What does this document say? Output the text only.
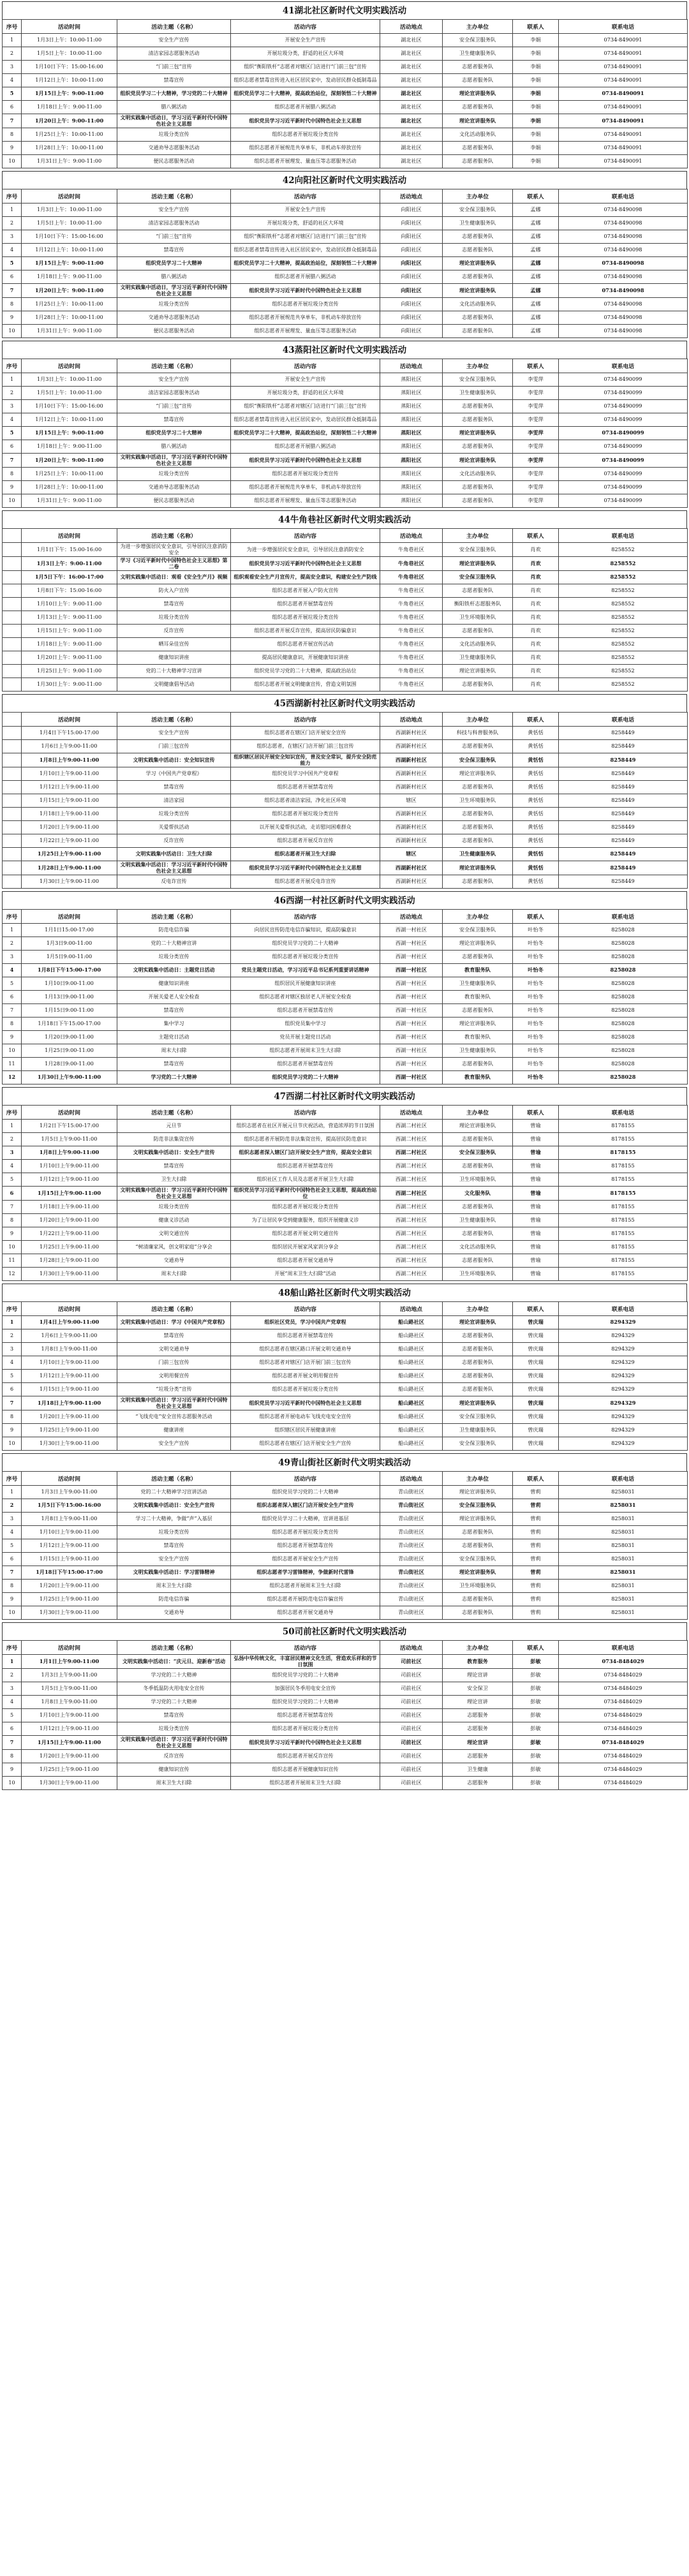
41湖北社区新时代文明实践活动
序号	活动时间	活动主题（名称）	活动内容	活动地点	主办单位	联系人	联系电话
1	1月3日上午：10:00-11:00	安全生产宣传	开展安全生产宣传	湖北社区	安全保卫服务队	李娟	0734-8490091
2	1月5日上午：10:00-11:00	清洁家园志愿服务活动	开展垃圾分类，舒适的社区大环境	湖北社区	卫生健康服务队	李娟	0734-8490091
3	1月10日下午：15:00-16:00	“门前三包”宣传	组织“衡阳铁杆”志愿者对辖区门店进行“门前三包”宣传	湖北社区	志愿者服务队	李娟	0734-8490091
4	1月12日上午：10:00-11:00	禁毒宣传	组织志愿者禁毒宣传进入社区居民家中，发动居民群众抵制毒品	湖北社区	志愿者服务队	李娟	0734-8490091
5	1月15日上午：9:00-11:00	组织党员学习二十大精神，学习党的二十大精神	组织党员学习二十大精神，提高政治站位，深刻领悟二十大精神	湖北社区	理论宣讲服务队	李娟	0734-8490091
6	1月18日上午：9:00-11:00	腊八粥活动	组织志愿者开展腊八粥活动	湖北社区	志愿者服务队	李娟	0734-8490091
7	1月20日上午：9:00-11:00	文明实践集中活动日，学习习近平新时代中国特色社会主义思想	组织党员学习习近平新时代中国特色社会主义思想	湖北社区	理论宣讲服务队	李娟	0734-8490091
8	1月25日上午：10:00-11:00	垃圾分类宣传	组织志愿者开展垃圾分类宣传	湖北社区	文化活动服务队	李娟	0734-8490091
9	1月28日上午：10:00-11:00	交通劝导志愿服务活动	组织志愿者开展规范共享单车，非机动车停放宣传	湖北社区	志愿者服务队	李娟	0734-8490091
10	1月31日上午：9:00-11:00	便民志愿服务活动	组织志愿者开展理发、量血压等志愿服务活动	湖北社区	志愿者服务队	李娟	0734-8490091
42向阳社区新时代文明实践活动
序号	活动时间	活动主题（名称）	活动内容	活动地点	主办单位	联系人	联系电话
1	1月3日上午：10:00-11:00	安全生产宣传	开展安全生产宣传	向阳社区	安全保卫服务队	孟娜	0734-8490098
2	1月5日上午：10:00-11:00	清洁家园志愿服务活动	开展垃圾分类，舒适的社区大环境	向阳社区	卫生健康服务队	孟娜	0734-8490098
3	1月10日下午：15:00-16:00	“门前三包”宣传	组织“衡阳铁杆”志愿者对辖区门店进行“门前三包”宣传	向阳社区	志愿者服务队	孟娜	0734-8490098
4	1月12日上午：10:00-11:00	禁毒宣传	组织志愿者禁毒宣传进入社区居民家中，发动居民群众抵制毒品	向阳社区	志愿者服务队	孟娜	0734-8490098
5	1月15日上午：9:00-11:00	组织党员学习二十大精神	组织党员学习二十大精神，提高政治站位，深刻领悟二十大精神	向阳社区	理论宣讲服务队	孟娜	0734-8490098
6	1月18日上午：9:00-11:00	腊八粥活动	组织志愿者开展腊八粥活动	向阳社区	志愿者服务队	孟娜	0734-8490098
7	1月20日上午：9:00-11:00	文明实践集中活动日，学习习近平新时代中国特色社会主义思想	组织党员学习习近平新时代中国特色社会主义思想	向阳社区	理论宣讲服务队	孟娜	0734-8490098
8	1月25日上午：10:00-11:00	垃圾分类宣传	组织志愿者开展垃圾分类宣传	向阳社区	文化活动服务队	孟娜	0734-8490098
9	1月28日上午：10:00-11:00	交通劝导志愿服务活动	组织志愿者开展规范共享单车，非机动车停放宣传	向阳社区	志愿者服务队	孟娜	0734-8490098
10	1月31日上午：9:00-11:00	便民志愿服务活动	组织志愿者开展理发、量血压等志愿服务活动	向阳社区	志愿者服务队	孟娜	0734-8490098
43蒸阳社区新时代文明实践活动
序号	活动时间	活动主题（名称）	活动内容	活动地点	主办单位	联系人	联系电话
1	1月3日上午：10:00-11:00	安全生产宣传	开展安全生产宣传	蒸阳社区	安全保卫服务队	李雯萍	0734-8490099
2	1月5日上午：10:00-11:00	清洁家园志愿服务活动	开展垃圾分类，舒适的社区大环境	蒸阳社区	卫生健康服务队	李雯萍	0734-8490099
3	1月10日下午：15:00-16:00	“门前三包”宣传	组织“衡阳铁杆”志愿者对辖区门店进行“门前三包”宣传	蒸阳社区	志愿者服务队	李雯萍	0734-8490099
4	1月12日上午：10:00-11:00	禁毒宣传	组织志愿者禁毒宣传进入社区居民家中，发动居民群众抵制毒品	蒸阳社区	志愿者服务队	李雯萍	0734-8490099
5	1月15日上午：9:00-11:00	组织党员学习二十大精神	组织党员学习二十大精神，提高政治站位，深刻领悟二十大精神	蒸阳社区	理论宣讲服务队	李雯萍	0734-8490099
6	1月18日上午：9:00-11:00	腊八粥活动	组织志愿者开展腊八粥活动	蒸阳社区	志愿者服务队	李雯萍	0734-8490099
7	1月20日上午：9:00-11:00	文明实践集中活动日，学习习近平新时代中国特色社会主义思想	组织党员学习习近平新时代中国特色社会主义思想	蒸阳社区	理论宣讲服务队	李雯萍	0734-8490099
8	1月25日上午：10:00-11:00	垃圾分类宣传	组织志愿者开展垃圾分类宣传	蒸阳社区	文化活动服务队	李雯萍	0734-8490099
9	1月28日上午：10:00-11:00	交通劝导志愿服务活动	组织志愿者开展规范共享单车，非机动车停放宣传	蒸阳社区	志愿者服务队	李雯萍	0734-8490099
10	1月31日上午：9:00-11:00	便民志愿服务活动	组织志愿者开展理发、量血压等志愿服务活动	蒸阳社区	志愿者服务队	李雯萍	0734-8490099
44牛角巷社区新时代文明实践活动
	活动时间	活动主题（名称）	活动内容	活动地点	主办单位	联系人	联系电话
	1月1日下午：15:00-16:00	为进一步增强居民安全意识，引导居民注意消防安全	为进一步增强居民安全意识，引导居民注意消防安全	牛角巷社区	安全保卫服务队	肖欢	8258552
	1月3日上午：9:00-11:00	学习《习近平新时代中国特色社会主义思想》第二卷	组织党员学习习近平新时代中国特色社会主义思想	牛角巷社区	理论宣讲服务队	肖欢	8258552
	1月5日下午：16:00-17:00	文明实践集中活动日：观看《安全生产月》视频	组织观看安全生产月宣传片，提高安全意识，构建安全生产防线	牛角巷社区	安全保卫服务队	肖欢	8258552
	1月8日下午：15:00-16:00	防火入户宣传	组织志愿者开展入户防火宣传	牛角巷社区	志愿者服务队	肖欢	8258552
	1月10日上午：9:00-11:00	禁毒宣传	组织志愿者开展禁毒宣传	牛角巷社区	衡阳铁杆志愿服务队	肖欢	8258552
	1月13日上午：9:00-11:00	垃圾分类宣传	组织志愿者开展垃圾分类宣传	牛角巷社区	卫生环境服务队	肖欢	8258552
	1月15日上午：9:00-11:00	反诈宣传	组织志愿者开展反诈宣传，提高居民防骗意识	牛角巷社区	志愿者服务队	肖欢	8258552
	1月18日上午：9:00-11:00	晒耳朵佳宣传	组织志愿者开展宣传活动	牛角巷社区	文化活动服务队	肖欢	8258552
	1月20日上午：9:00-11:00	健康知识讲座	提高居民健康意识，开展健康知识讲座	牛角巷社区	卫生健康服务队	肖欢	8258552
	1月25日上午：9:00-11:00	党的二十大精神学习宣讲	组织党员学习党的二十大精神，提高政治站位	牛角巷社区	理论宣讲服务队	肖欢	8258552
	1月30日上午：9:00-11:00	文明健康倡导活动	组织志愿者开展文明健康宣传，营造文明氛围	牛角巷社区	志愿者服务队	肖欢	8258552
45西湖新村社区新时代文明实践活动
	活动时间	活动主题（名称）	活动内容	活动地点	主办单位	联系人	联系电话
	1月4日下午15:00-17:00	安全生产宣传	组织志愿者在辖区门店开展安全宣传	西湖新村社区	科技与科普服务队	黄恬恬	8258449
	1月6日上午9:00-11:00	门前三包宣传	组织志愿者，在辖区门店开展门前三包宣传	西湖新村社区	志愿者服务队	黄恬恬	8258449
	1月8日上午9:00-11:00	文明实践集中活动日：安全知识宣传	组织辖区居民开展安全知识宣传，普及安全常识，提升安全防范能力	西湖新村社区	安全保卫服务队	黄恬恬	8258449
	1月10日上午9:00-11:00	学习《中国共产党章程》	组织党员学习中国共产党章程	西湖新村社区	理论宣讲服务队	黄恬恬	8258449
	1月12日上午9:00-11:00	禁毒宣传	组织志愿者开展禁毒宣传	西湖新村社区	志愿者服务队	黄恬恬	8258449
	1月15日上午9:00-11:00	清洁家园	组织志愿者清洁家园，净化社区环境	辖区	卫生环境服务队	黄恬恬	8258449
	1月18日上午9:00-11:00	垃圾分类宣传	组织志愿者开展垃圾分类宣传	西湖新村社区	志愿者服务队	黄恬恬	8258449
	1月20日上午9:00-11:00	关爱帮扶活动	以开展关爱帮扶活动，走访慰问困难群众	西湖新村社区	志愿者服务队	黄恬恬	8258449
	1月22日上午9:00-11:00	反诈宣传	组织志愿者开展反诈宣传	西湖新村社区	志愿者服务队	黄恬恬	8258449
	1月25日上午9:00-11:00	文明实践集中活动日：卫生大扫除	组织志愿者开展卫生大扫除	辖区	卫生健康服务队	黄恬恬	8258449
	1月28日上午9:00-11:00	文明实践集中活动日：学习习近平新时代中国特色社会主义思想	组织党员学习习近平新时代中国特色社会主义思想	西湖新村社区	理论宣讲服务队	黄恬恬	8258449
	1月30日上午9:00-11:00	反电诈宣传	组织志愿者开展反电诈宣传	西湖新村社区	志愿者服务队	黄恬恬	8258449
46西湖一村社区新时代文明实践活动
序号	活动时间	活动主题（名称）	活动内容	活动地点	主办单位	联系人	联系电话
1	1月1日15:00-17:00	防范电信诈骗	向居民宣传防范电信诈骗知识，提高防骗意识	西湖一村社区	安全保卫服务队	叶怡冬	8258028
2	1月3日9:00-11:00	党的二十大精神宣讲	组织党员学习党的二十大精神	西湖一村社区	理论宣讲服务队	叶怡冬	8258028
3	1月5日9:00-11:00	垃圾分类宣传	组织志愿者开展垃圾分类宣传	西湖一村社区	志愿者服务队	叶怡冬	8258028
4	1月8日下午15:00-17:00	文明实践集中活动日：主题党日活动	党员主题党日活动，学习习近平总书记系列重要讲话精神	西湖一村社区	教育服务队	叶怡冬	8258028
5	1月10日9:00-11:00	健康知识讲座	组织居民开展健康知识讲座	西湖一村社区	卫生健康服务队	叶怡冬	8258028
6	1月13日9:00-11:00	开展关爱老人安全检查	组织志愿者对辖区独居老人开展安全检查	西湖一村社区	教育服务队	叶怡冬	8258028
7	1月15日9:00-11:00	禁毒宣传	组织志愿者开展禁毒宣传	西湖一村社区	志愿者服务队	叶怡冬	8258028
8	1月18日下午15:00-17:00	集中学习	组织党员集中学习	西湖一村社区	理论宣讲服务队	叶怡冬	8258028
9	1月20日9:00-11:00	主题党日活动	党员开展主题党日活动	西湖一村社区	教育服务队	叶怡冬	8258028
10	1月25日9:00-11:00	周末大扫除	组织志愿者开展周末卫生大扫除	西湖一村社区	卫生健康服务队	叶怡冬	8258028
11	1月28日9:00-11:00	禁毒宣传	组织志愿者开展禁毒宣传	西湖一村社区	志愿者服务队	叶怡冬	8258028
12	1月30日上午9:00-11:00	学习党的二十大精神	组织党员学习党的二十大精神	西湖一村社区	教育服务队	叶怡冬	8258028
47西湖二村社区新时代文明实践活动
序号	活动时间	活动主题（名称）	活动内容	活动地点	主办单位	联系人	联系电话
1	1月2日下午15:00-17:00	元旦节	组织志愿者在社区开展元旦节庆祝活动，营造浓厚的节日氛围	西湖二村社区	理论宣讲服务队	曾瑜	8178155
2	1月5日上午9:00-11:00	防范非法集资宣传	组织志愿者开展防范非法集资宣传，提高居民防范意识	西湖二村社区	志愿者服务队	曾瑜	8178155
3	1月8日上午9:00-11:00	文明实践集中活动日：安全生产宣传	组织志愿者深入辖区门店开展安全生产宣传，提高安全意识	西湖二村社区	安全保卫服务队	曾瑜	8178155
4	1月10日上午9:00-11:00	禁毒宣传	组织志愿者开展禁毒宣传	西湖二村社区	志愿者服务队	曾瑜	8178155
5	1月12日上午9:00-11:00	卫生大扫除	组织社区工作人员及志愿者开展卫生大扫除	西湖二村社区	卫生环境服务队	曾瑜	8178155
6	1月15日上午9:00-11:00	文明实践集中活动日：学习习近平新时代中国特色社会主义思想	组织党员学习习近平新时代中国特色社会主义思想，提高政治站位	西湖二村社区	文化服务队	曾瑜	8178155
7	1月18日上午9:00-11:00	垃圾分类宣传	组织志愿者开展垃圾分类宣传	西湖二村社区	志愿者服务队	曾瑜	8178155
8	1月20日上午9:00-11:00	健康义诊活动	为了让居民享受到健康服务，组织开展健康义诊	西湖二村社区	卫生健康服务队	曾瑜	8178155
9	1月22日上午9:00-11:00	文明交通宣传	组织志愿者开展文明交通宣传	西湖二村社区	志愿者服务队	曾瑜	8178155
10	1月25日上午9:00-11:00	“树清廉家风，创文明家庭”分享会	组织居民开展家风家训分享会	西湖二村社区	文化活动服务队	曾瑜	8178155
11	1月28日上午9:00-11:00	交通劝导	组织志愿者开展交通劝导	西湖二村社区	志愿者服务队	曾瑜	8178155
12	1月30日上午9:00-11:00	周末大扫除	开展“周末卫生大扫除”活动	西湖二村社区	卫生环境服务队	曾瑜	8178155
48船山路社区新时代文明实践活动
序号	活动时间	活动主题（名称）	活动内容	活动地点	主办单位	联系人	联系电话
1	1月4日上午9:00-11:00	文明实践集中活动日：学习《中国共产党章程》	组织社区党员，学习中国共产党章程	船山路社区	理论宣讲服务队	曾庆瑞	8294329
2	1月6日上午9:00-11:00	禁毒宣传	组织志愿者开展禁毒宣传	船山路社区	志愿者服务队	曾庆瑞	8294329
3	1月8日上午9:00-11:00	文明交通劝导	组织志愿者在辖区路口开展文明交通劝导	船山路社区	志愿者服务队	曾庆瑞	8294329
4	1月10日上午9:00-11:00	门前三包宣传	组织志愿者对辖区门店开展门前三包宣传	船山路社区	志愿者服务队	曾庆瑞	8294329
5	1月12日上午9:00-11:00	文明用餐宣传	组织志愿者开展文明用餐宣传	船山路社区	志愿者服务队	曾庆瑞	8294329
6	1月15日上午9:00-11:00	“垃圾分类”宣传	组织志愿者开展垃圾分类宣传	船山路社区	志愿者服务队	曾庆瑞	8294329
7	1月18日上午9:00-11:00	文明实践集中活动日：学习习近平新时代中国特色社会主义思想	组织党员学习习近平新时代中国特色社会主义思想	船山路社区	理论宣讲服务队	曾庆瑞	8294329
8	1月20日上午9:00-11:00	“飞线充电”安全宣传志愿服务活动	组织志愿者开展电动车飞线充电安全宣传	船山路社区	安全保卫服务队	曾庆瑞	8294329
9	1月25日上午9:00-11:00	健康讲座	组织辖区居民开展健康讲座	船山路社区	卫生健康服务队	曾庆瑞	8294329
10	1月30日上午9:00-11:00	安全生产宣传	组织志愿者在辖区门店开展安全生产宣传	船山路社区	安全保卫服务队	曾庆瑞	8294329
49青山街社区新时代文明实践活动
序号	活动时间	活动主题（名称）	活动内容	活动地点	主办单位	联系人	联系电话
1	1月3日上午9:00-11:00	党的二十大精神学习宣讲活动	组织党员学习党的二十大精神	青山街社区	理论宣讲服务队	曾莉	8258031
2	1月5日下午15:00-16:00	文明实践集中活动日：安全生产宣传	组织志愿者深入辖区门店开展安全生产宣传	青山街社区	安全保卫服务队	曾莉	8258031
3	1月8日上午9:00-11:00	学习二十大精神，争做“声”入基层	组织党员学习二十大精神，宣讲进基层	青山街社区	理论宣讲服务队	曾莉	8258031
4	1月10日上午9:00-11:00	垃圾分类宣传	组织志愿者开展垃圾分类宣传	青山街社区	志愿者服务队	曾莉	8258031
5	1月12日上午9:00-11:00	禁毒宣传	组织志愿者开展禁毒宣传	青山街社区	志愿者服务队	曾莉	8258031
6	1月15日上午9:00-11:00	安全生产宣传	组织志愿者开展安全生产宣传	青山街社区	安全保卫服务队	曾莉	8258031
7	1月18日下午15:00-17:00	文明实践集中活动日：学习雷锋精神	组织志愿者学习雷锋精神，争做新时代雷锋	青山街社区	理论宣讲服务队	曾莉	8258031
8	1月20日上午9:00-11:00	周末卫生大扫除	组织志愿者开展周末卫生大扫除	青山街社区	卫生环境服务队	曾莉	8258031
9	1月25日上午9:00-11:00	防范电信诈骗	组织志愿者开展防范电信诈骗宣传	青山街社区	志愿者服务队	曾莉	8258031
10	1月30日上午9:00-11:00	交通劝导	组织志愿者开展交通劝导	青山街社区	志愿者服务队	曾莉	8258031
50司前社区新时代文明实践活动
序号	活动时间	活动主题（名称）	活动内容	活动地点	主办单位	联系人	联系电话
1	1月1日上午9:00-11:00	文明实践集中活动日：“庆元旦、迎新春”活动	弘扬中华传统文化，丰富居民精神文化生活，营造欢乐祥和的节日氛围	司前社区	教育服务	彭敏	0734-8484029
2	1月3日上午9:00-11:00	学习党的二十大精神	组织党员学习党的二十大精神	司前社区	理论宣讲	彭敏	0734-8484029
3	1月5日上午9:00-11:00	冬季低温防火用电安全宣传	加强居民冬季用电安全宣传	司前社区	安全保卫	彭敏	0734-8484029
4	1月8日上午9:00-11:00	学习党的二十大精神	组织党员学习党的二十大精神	司前社区	理论宣讲	彭敏	0734-8484029
5	1月10日上午9:00-11:00	禁毒宣传	组织志愿者开展禁毒宣传	司前社区	志愿服务	彭敏	0734-8484029
6	1月12日上午9:00-11:00	垃圾分类宣传	组织志愿者开展垃圾分类宣传	司前社区	志愿服务	彭敏	0734-8484029
7	1月15日上午9:00-11:00	文明实践集中活动日：学习习近平新时代中国特色社会主义思想	组织党员学习习近平新时代中国特色社会主义思想	司前社区	理论宣讲	彭敏	0734-8484029
8	1月20日上午9:00-11:00	反诈宣传	组织志愿者开展反诈宣传	司前社区	志愿服务	彭敏	0734-8484029
9	1月25日上午9:00-11:00	健康知识宣传	组织志愿者开展健康知识宣传	司前社区	卫生健康	彭敏	0734-8484029
10	1月30日上午9:00-11:00	周末卫生大扫除	组织志愿者开展周末卫生大扫除	司前社区	志愿服务	彭敏	0734-8484029
